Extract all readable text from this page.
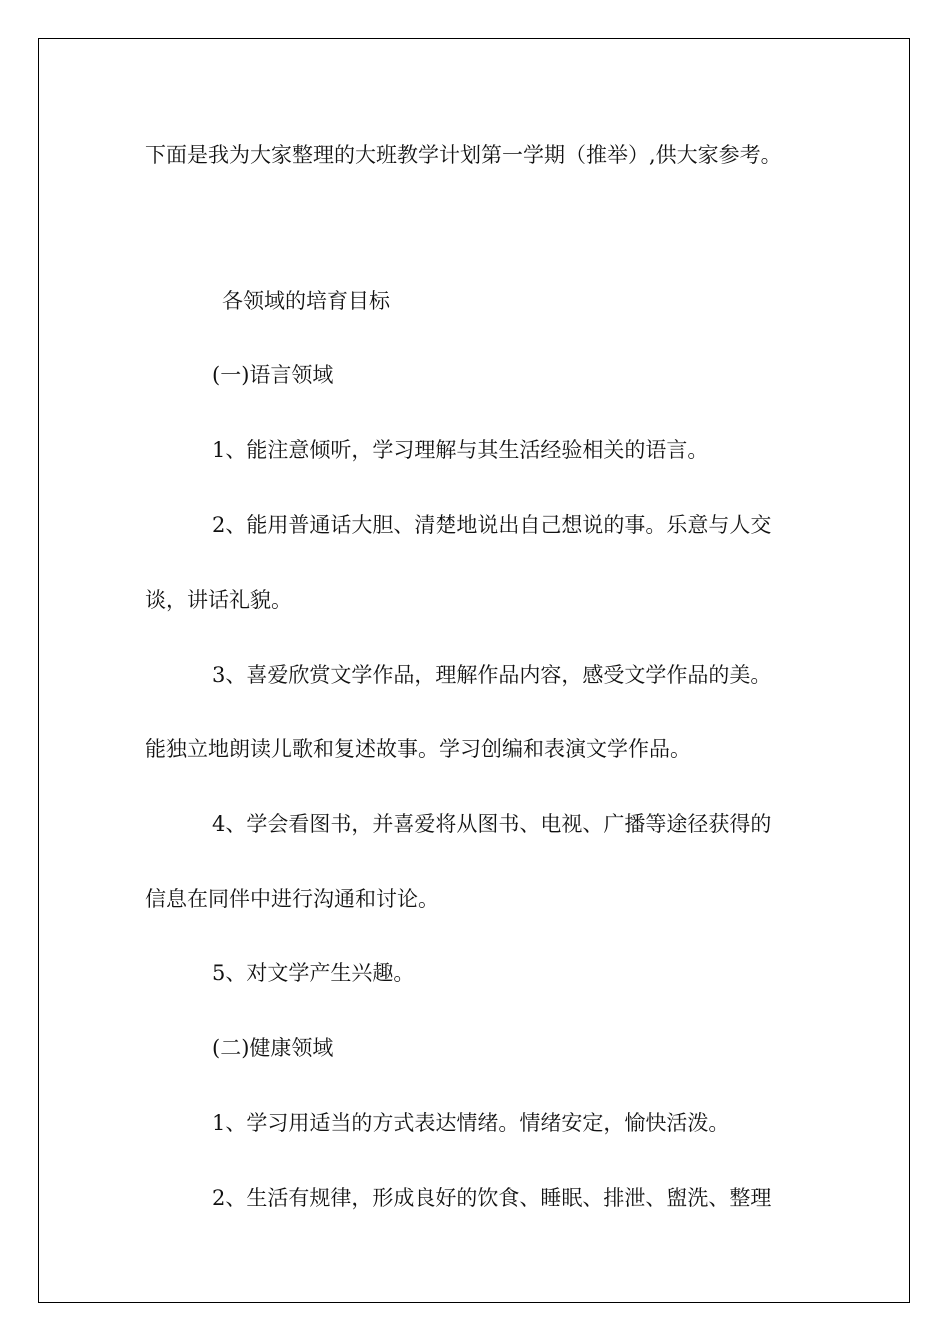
下面是我为大家整理的大班教学计划第一学期（推举）,供大家参考。

各领域的培育目标

(一)语言领域

1、能注意倾听，学习理解与其生活经验相关的语言。

2、能用普通话大胆、清楚地说出自己想说的事。乐意与人交

谈，讲话礼貌。

3、喜爱欣赏文学作品，理解作品内容，感受文学作品的美。

能独立地朗读儿歌和复述故事。学习创编和表演文学作品。

4、学会看图书，并喜爱将从图书、电视、广播等途径获得的

信息在同伴中进行沟通和讨论。

5、对文学产生兴趣。

(二)健康领域

1、学习用适当的方式表达情绪。情绪安定，愉快活泼。

2、生活有规律，形成良好的饮食、睡眠、排泄、盥洗、整理
